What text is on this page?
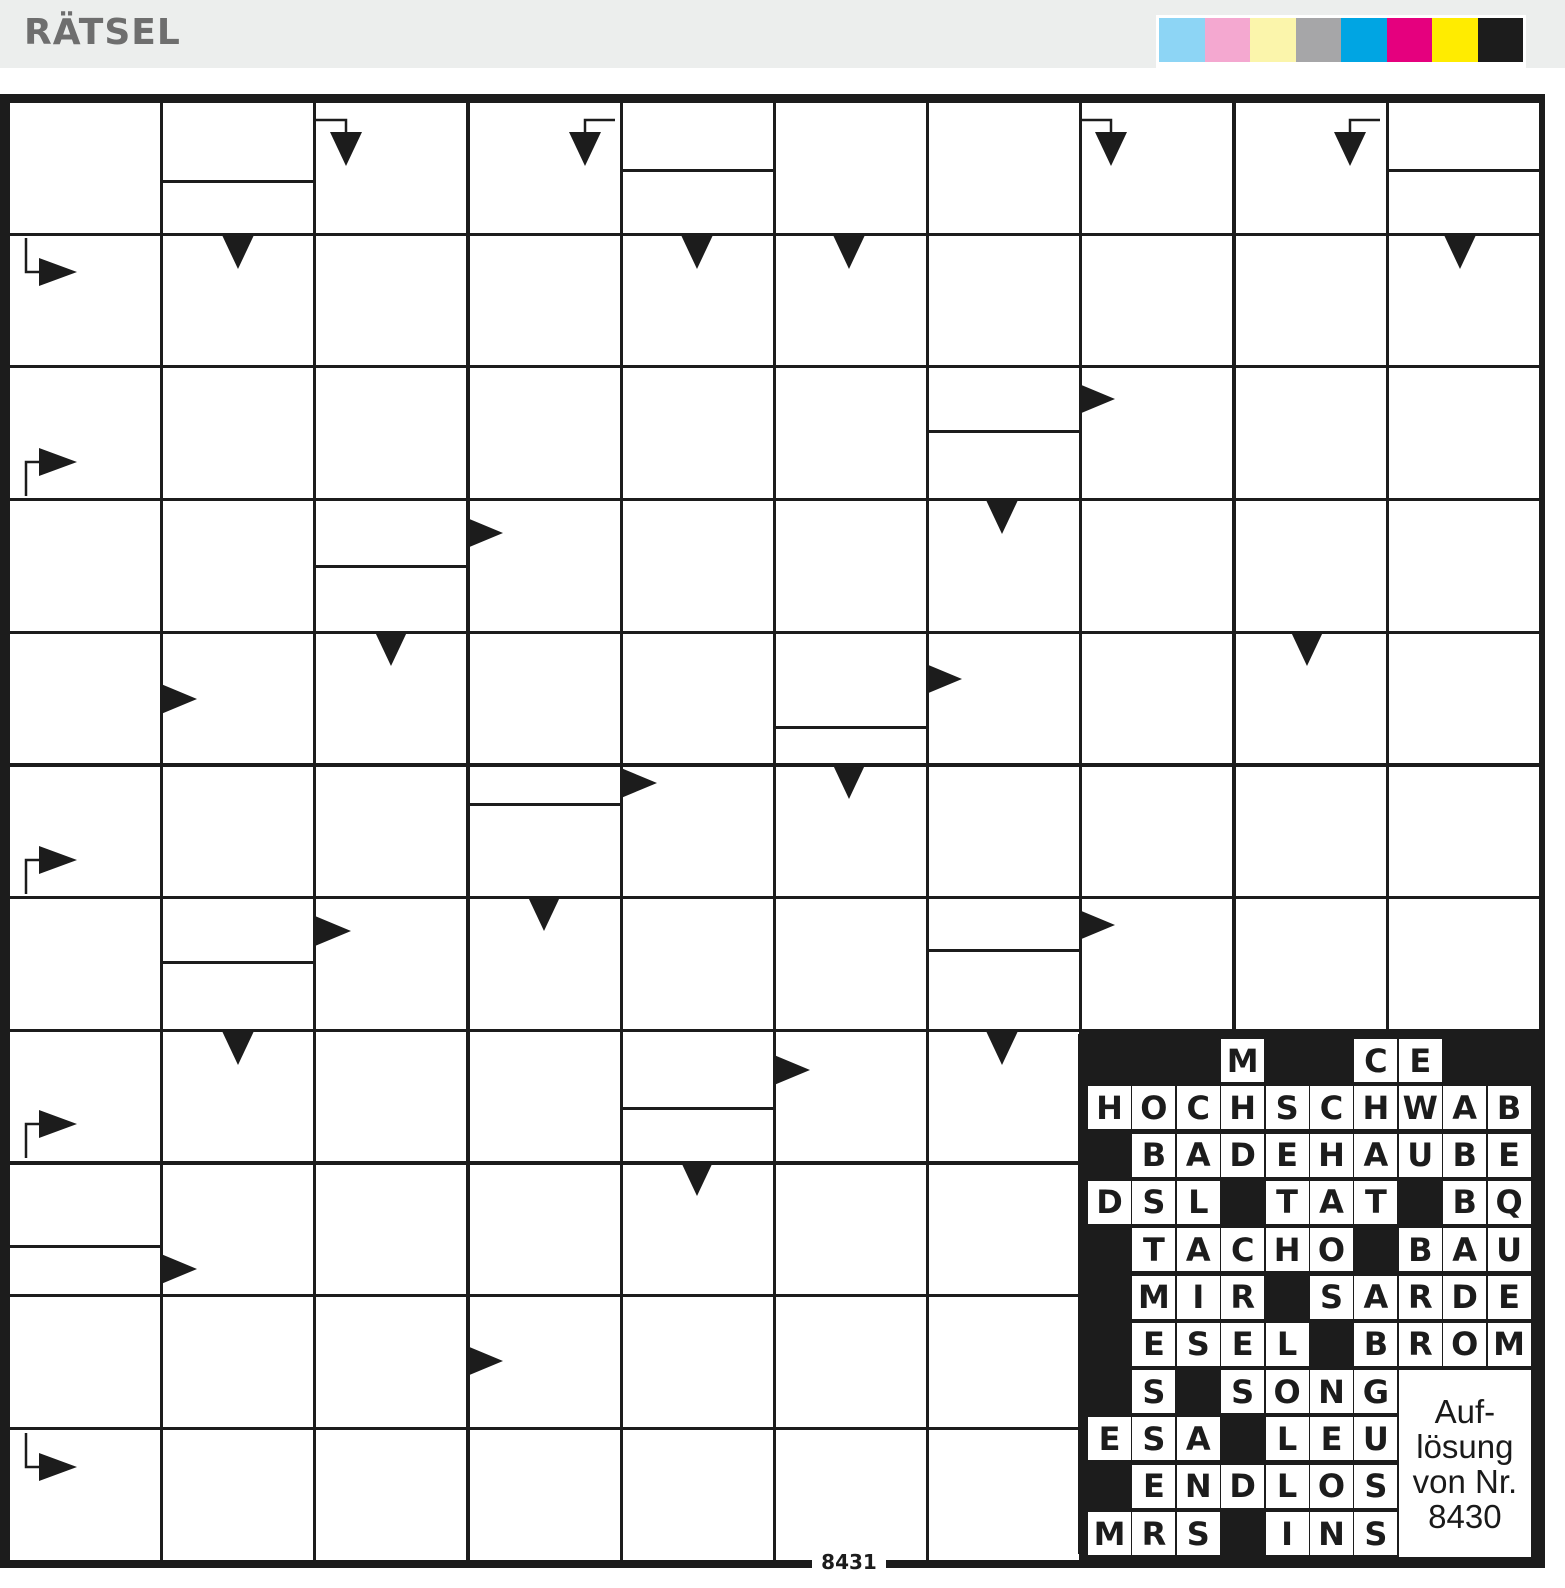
RÄTSEL
8431
M	C E
H O C H S C H W A B
B A D E H A U B E
D S L	T A T	B Q
T A C H O B A U
M I R	S A R D E
E S E L	B R O M
S	S O N G
E S A	L E U
E N D L O S
M R S	I N S
Auf-
lösung
von Nr.
8430
